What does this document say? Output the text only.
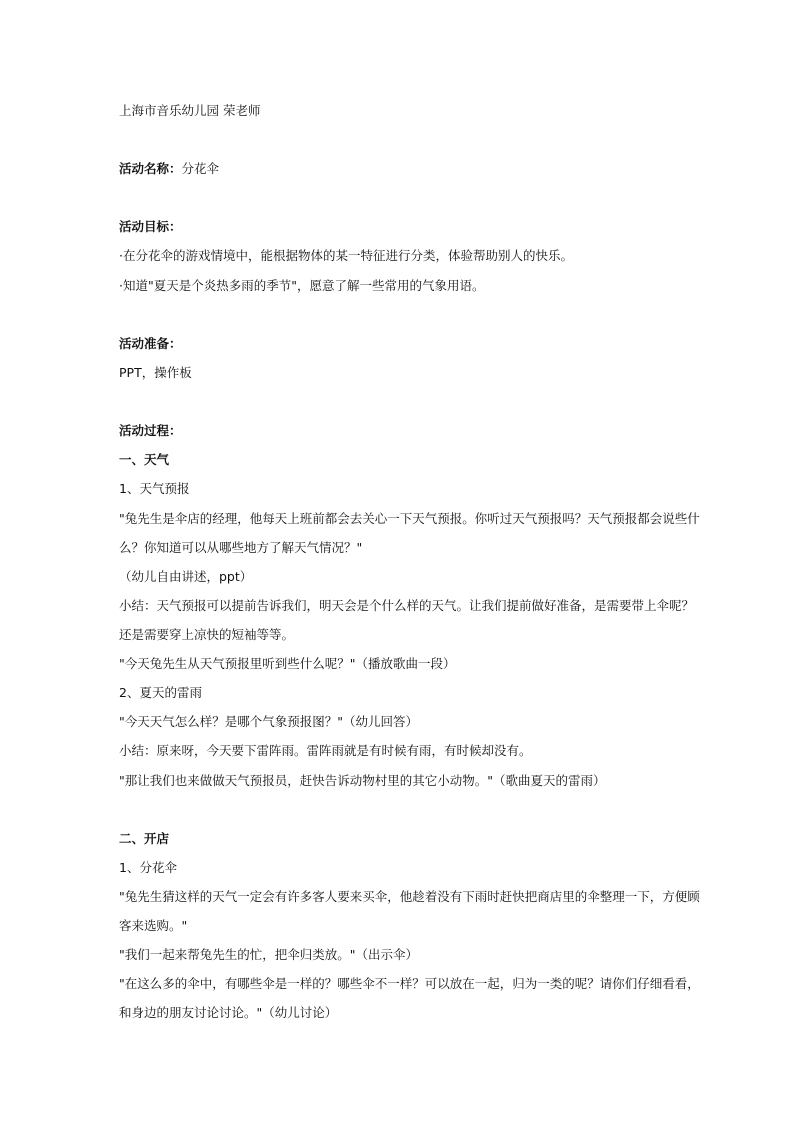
上海市音乐幼儿园 荣老师
活动名称：分花伞
活动目标：
·在分花伞的游戏情境中，能根据物体的某一特征进行分类，体验帮助别人的快乐。
·知道"夏天是个炎热多雨的季节"，愿意了解一些常用的气象用语。
活动准备：
PPT，操作板
活动过程：
一、天气
1、天气预报
"兔先生是伞店的经理，他每天上班前都会去关心一下天气预报。你听过天气预报吗？天气预报都会说些什
么？你知道可以从哪些地方了解天气情况？"
（幼儿自由讲述，ppt）
小结：天气预报可以提前告诉我们，明天会是个什么样的天气。让我们提前做好准备，是需要带上伞呢？
还是需要穿上凉快的短袖等等。
"今天兔先生从天气预报里听到些什么呢？"（播放歌曲一段）
2、夏天的雷雨
"今天天气怎么样？是哪个气象预报图？"（幼儿回答）
小结：原来呀，今天要下雷阵雨。雷阵雨就是有时候有雨，有时候却没有。
"那让我们也来做做天气预报员，赶快告诉动物村里的其它小动物。"（歌曲夏天的雷雨）
二、开店
1、分花伞
"兔先生猜这样的天气一定会有许多客人要来买伞，他趁着没有下雨时赶快把商店里的伞整理一下，方便顾
客来选购。"
"我们一起来帮兔先生的忙，把伞归类放。"（出示伞）
"在这么多的伞中，有哪些伞是一样的？哪些伞不一样？可以放在一起，归为一类的呢？请你们仔细看看，
和身边的朋友讨论讨论。"（幼儿讨论）
